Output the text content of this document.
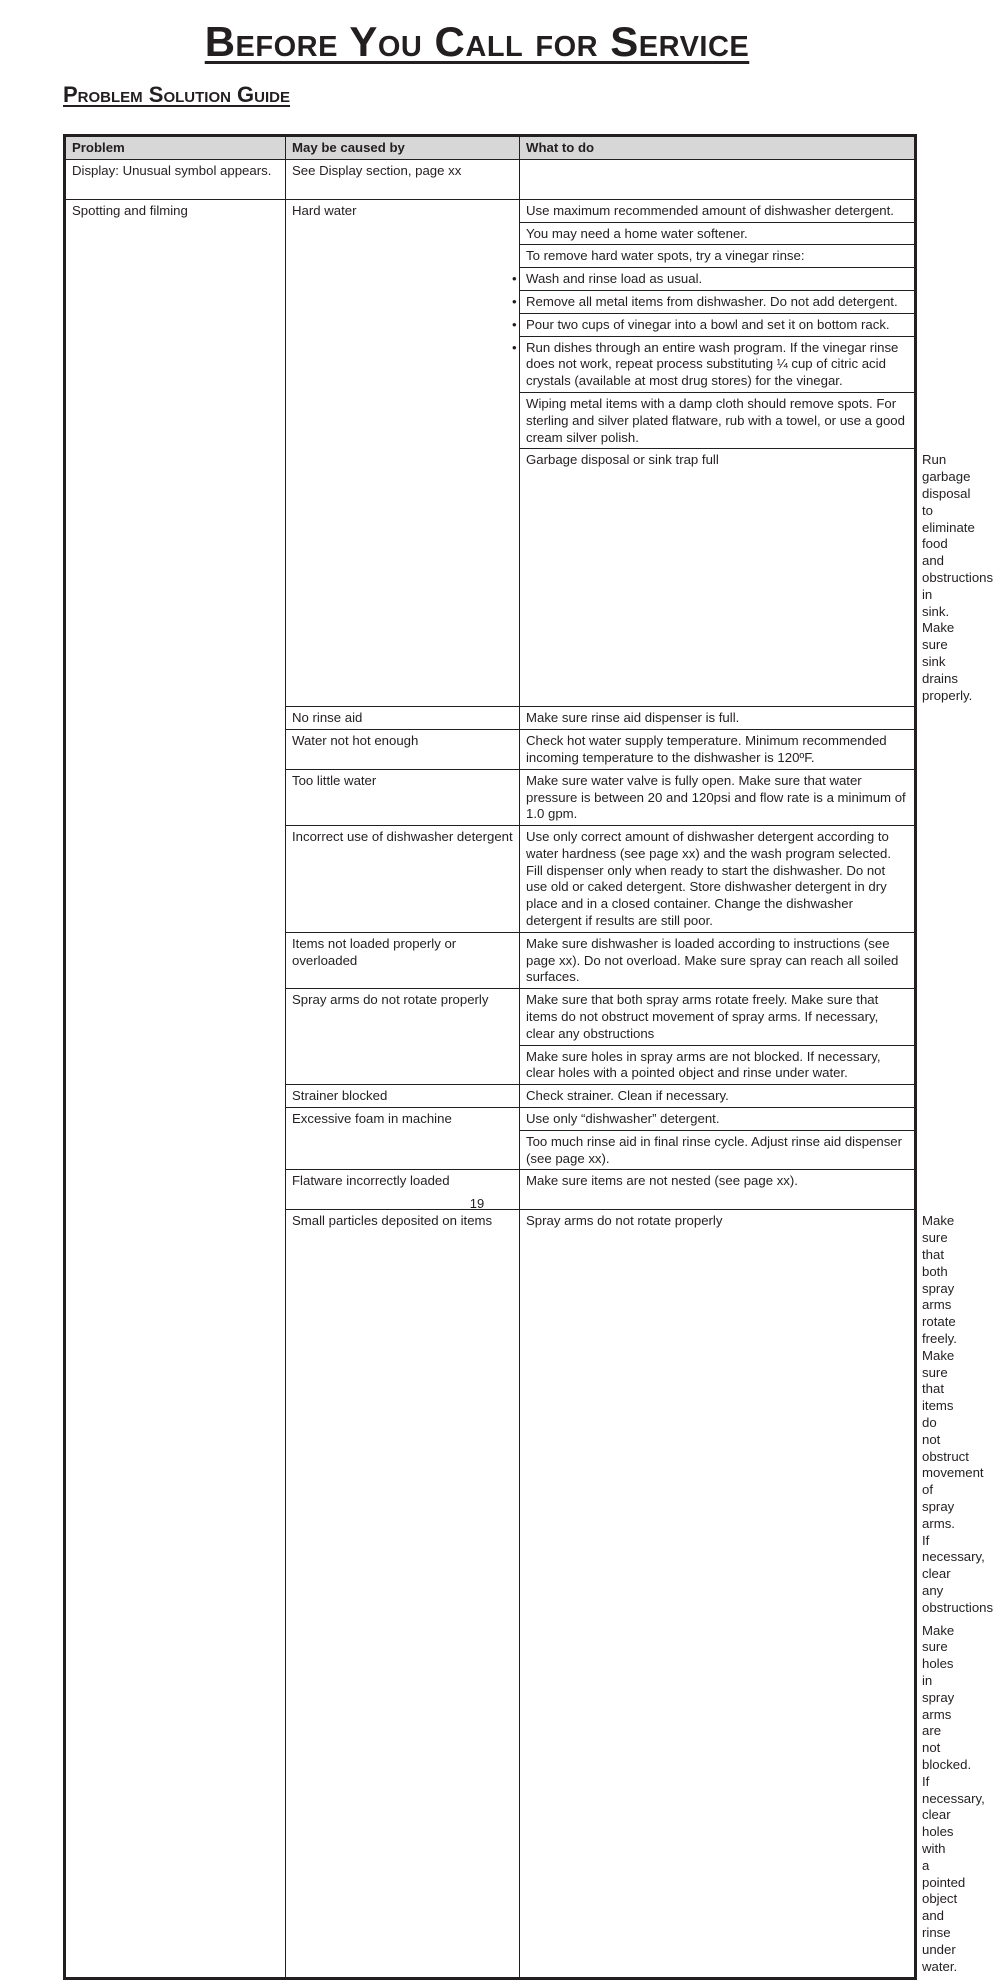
Before You Call for Service
Problem Solution Guide
Problem	May be caused by	What to do	
Display: Unusual symbol appears.	See Display section, page xx		
Spotting and filming	Hard water	Use maximum recommended amount of dishwasher detergent.	
		You may need a home water softener.	
		To remove hard water spots, try a vinegar rinse:	
		• Wash and rinse load as usual.	
		• Remove all metal items from dishwasher. Do not add detergent.	
		• Pour two cups of vinegar into a bowl and set it on bottom rack.	
		• Run dishes through an entire wash program. If the vinegar rinse does not work, repeat process substituting ¼ cup of citric acid crystals (available at most drug stores) for the vinegar.	
		Wiping metal items with a damp cloth should remove spots. For sterling and silver plated flatware, rub with a towel, or use a good cream silver polish.	
		Garbage disposal or sink trap full	Run garbage disposal to eliminate food and obstructions in sink. Make sure sink drains properly.
	No rinse aid	Make sure rinse aid dispenser is full.	
	Water not hot enough	Check hot water supply temperature. Minimum recommended incoming temperature to the dishwasher is 120ºF.	
	Too little water	Make sure water valve is fully open. Make sure that water pressure is between 20 and 120psi and flow rate is a minimum of 1.0 gpm.	
	Incorrect use of dishwasher detergent	Use only correct amount of dishwasher detergent according to water hardness (see page xx) and the wash program selected. Fill dispenser only when ready to start the dishwasher. Do not use old or caked detergent. Store dishwasher detergent in dry place and in a closed container. Change the dishwasher detergent if results are still poor.	
	Items not loaded properly or overloaded	Make sure dishwasher is loaded according to instructions (see page xx). Do not overload. Make sure spray can reach all soiled surfaces.	
	Spray arms do not rotate properly	Make sure that both spray arms rotate freely. Make sure that items do not obstruct movement of spray arms. If necessary, clear any obstructions	
		Make sure holes in spray arms are not blocked. If necessary, clear holes with a pointed object and rinse under water.	
	Strainer blocked	Check strainer. Clean if necessary.	
	Excessive foam in machine	Use only “dishwasher” detergent.	
		Too much rinse aid in final rinse cycle. Adjust rinse aid dispenser (see page xx).	
	Flatware incorrectly loaded	Make sure items are not nested (see page xx).	
	Small particles deposited on items	Spray arms do not rotate properly	Make sure that both spray arms rotate freely. Make sure that items do not obstruct movement of spray arms. If necessary, clear any obstructions
			Make sure holes in spray arms are not blocked. If necessary, clear holes with a pointed object and rinse under water.

19
